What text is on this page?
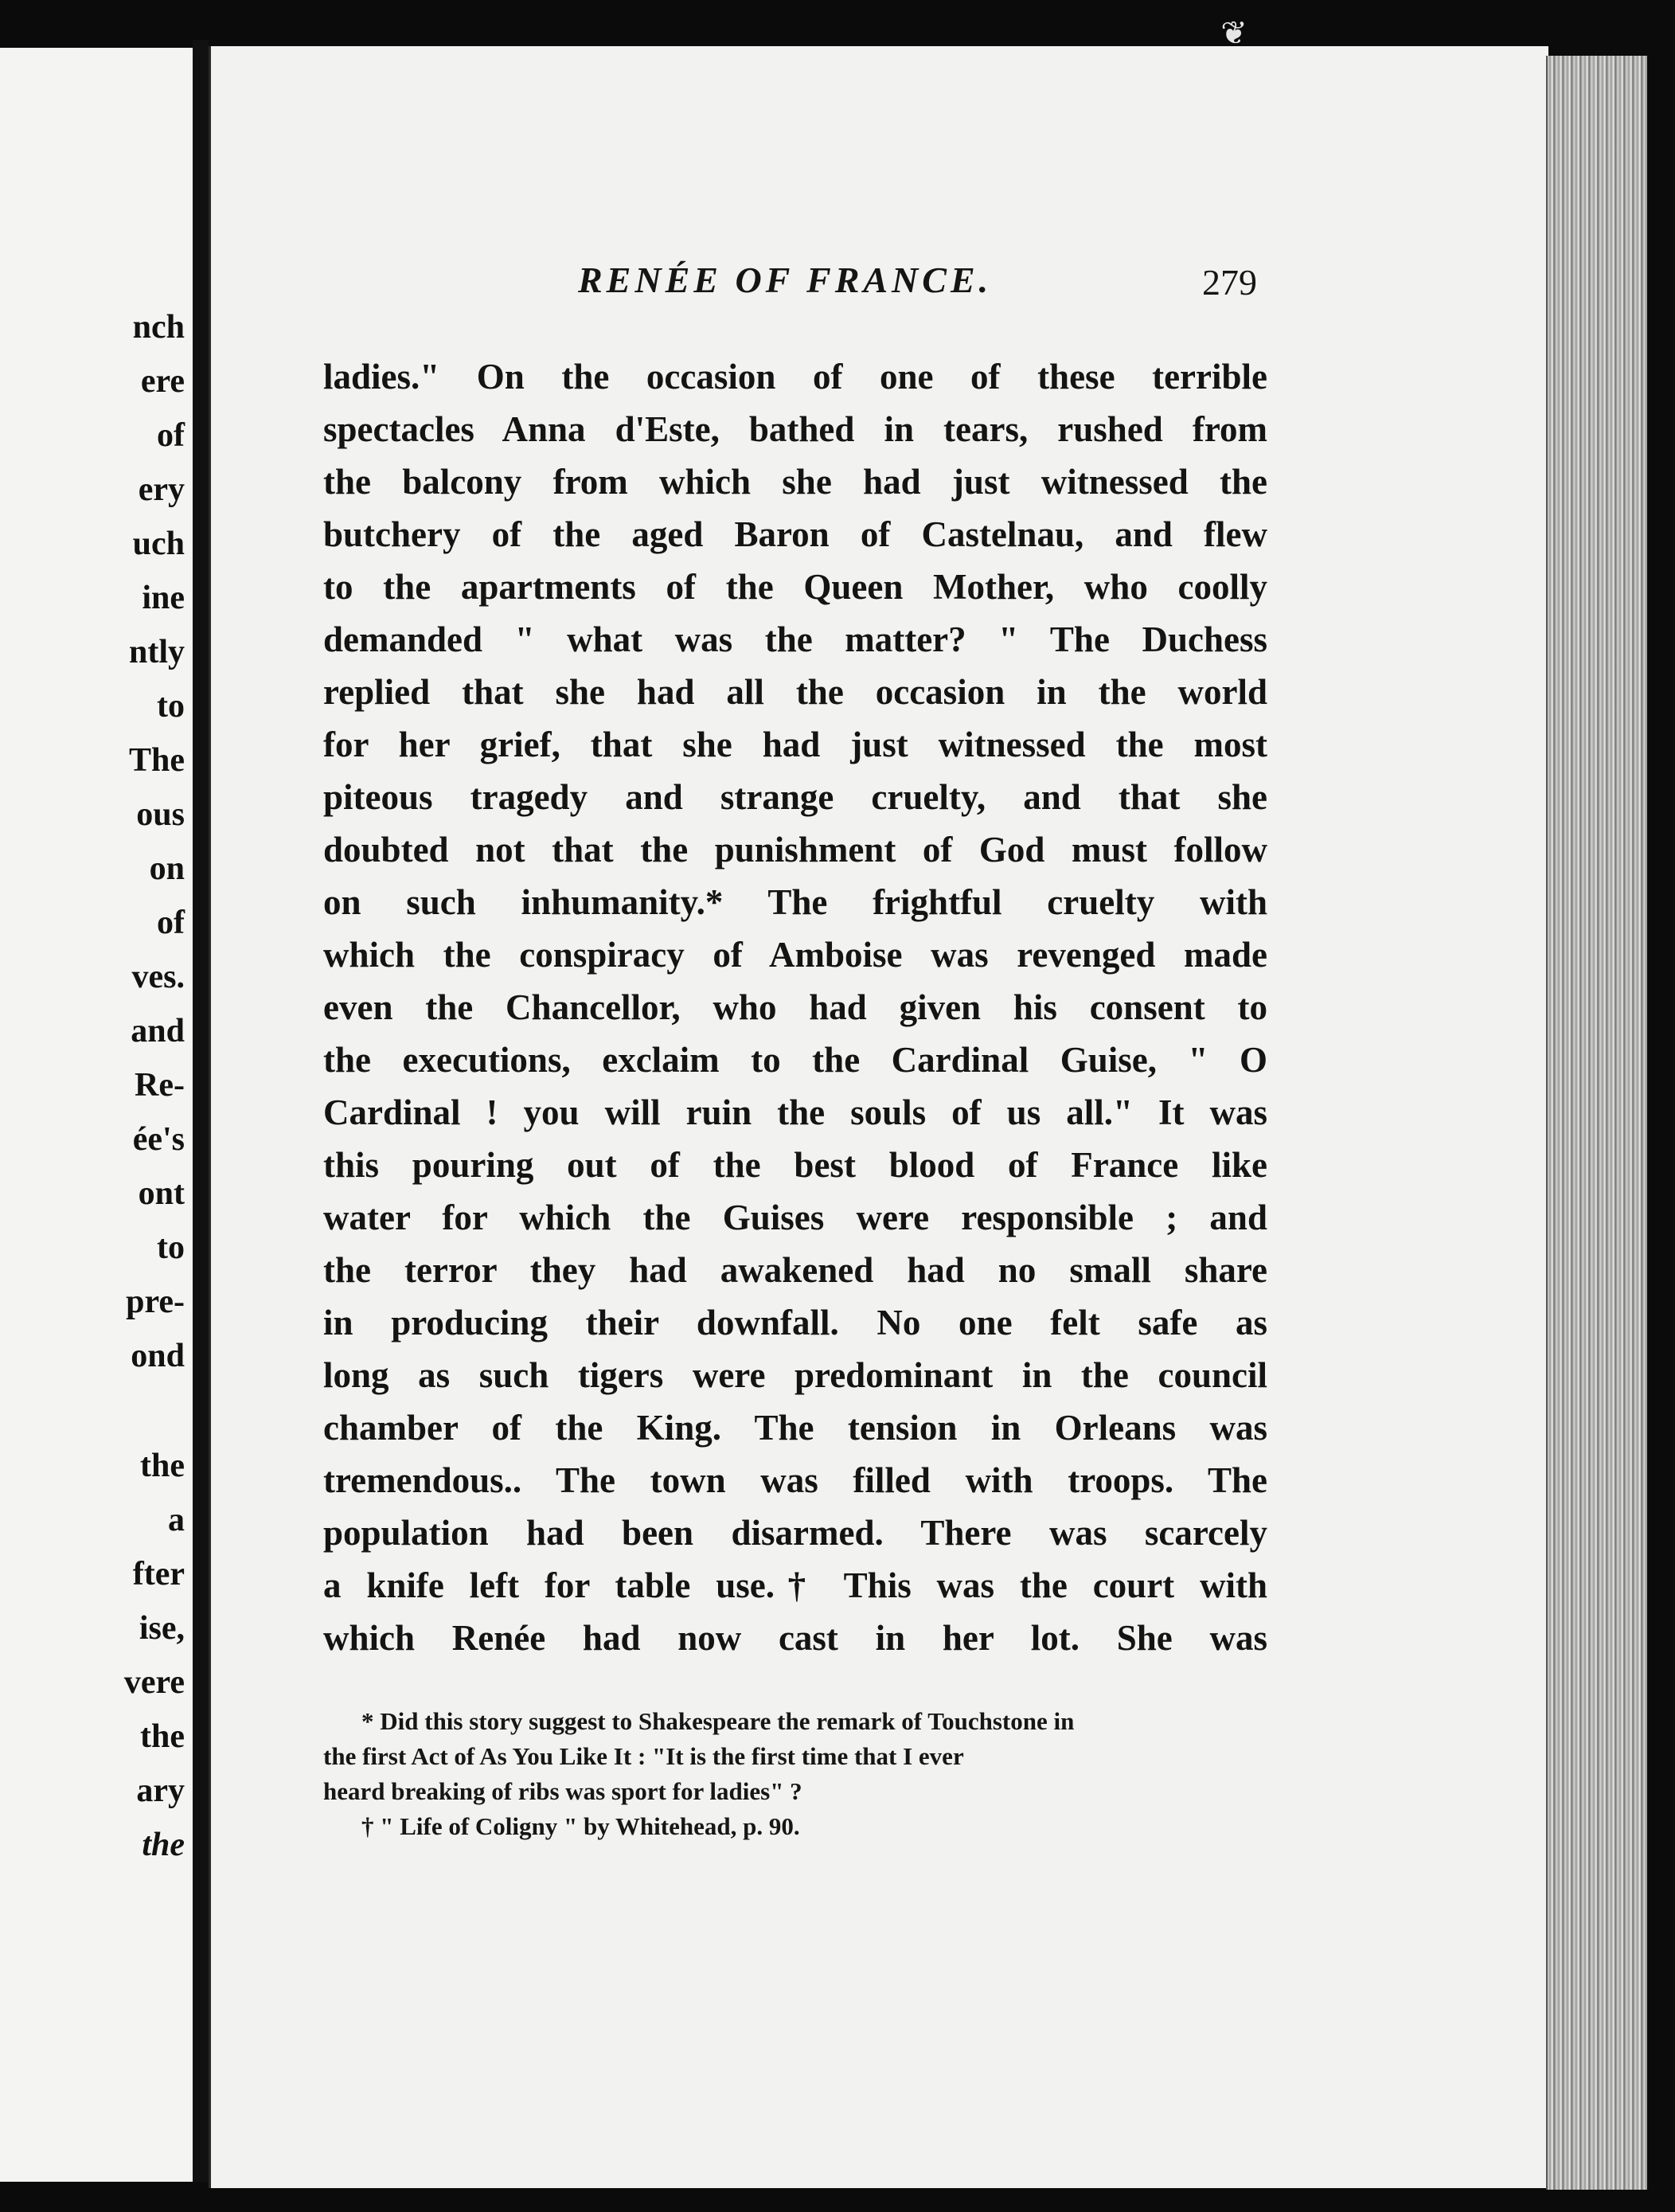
nch
ere
of
ery
uch
ine
ntly
to
The
ous
on
of
ves.
and
Re-
ée's
ont
to
pre-
ond
the
a
fter
ise,
vere
the
ary
the
❦
RENÉE OF FRANCE.	279
ladies." On the occasion of one of these terrible
spectacles Anna d'Este, bathed in tears, rushed from
the balcony from which she had just witnessed the
butchery of the aged Baron of Castelnau, and flew
to the apartments of the Queen Mother, who coolly
demanded " what was the matter? " The Duchess
replied that she had all the occasion in the world
for her grief, that she had just witnessed the most
piteous tragedy and strange cruelty, and that she
doubted not that the punishment of God must follow
on such inhumanity.* The frightful cruelty with
which the conspiracy of Amboise was revenged made
even the Chancellor, who had given his consent to
the executions, exclaim to the Cardinal Guise, " O
Cardinal ! you will ruin the souls of us all." It was
this pouring out of the best blood of France like
water for which the Guises were responsible ; and
the terror they had awakened had no small share
in producing their downfall. No one felt safe as
long as such tigers were predominant in the council
chamber of the King. The tension in Orleans was
tremendous.. The town was filled with troops. The
population had been disarmed. There was scarcely
a knife left for table use.† This was the court with
which Renée had now cast in her lot. She was
* Did this story suggest to Shakespeare the remark of Touchstone in
the first Act of As You Like It : "It is the first time that I ever
heard breaking of ribs was sport for ladies" ?
† " Life of Coligny " by Whitehead, p. 90.
